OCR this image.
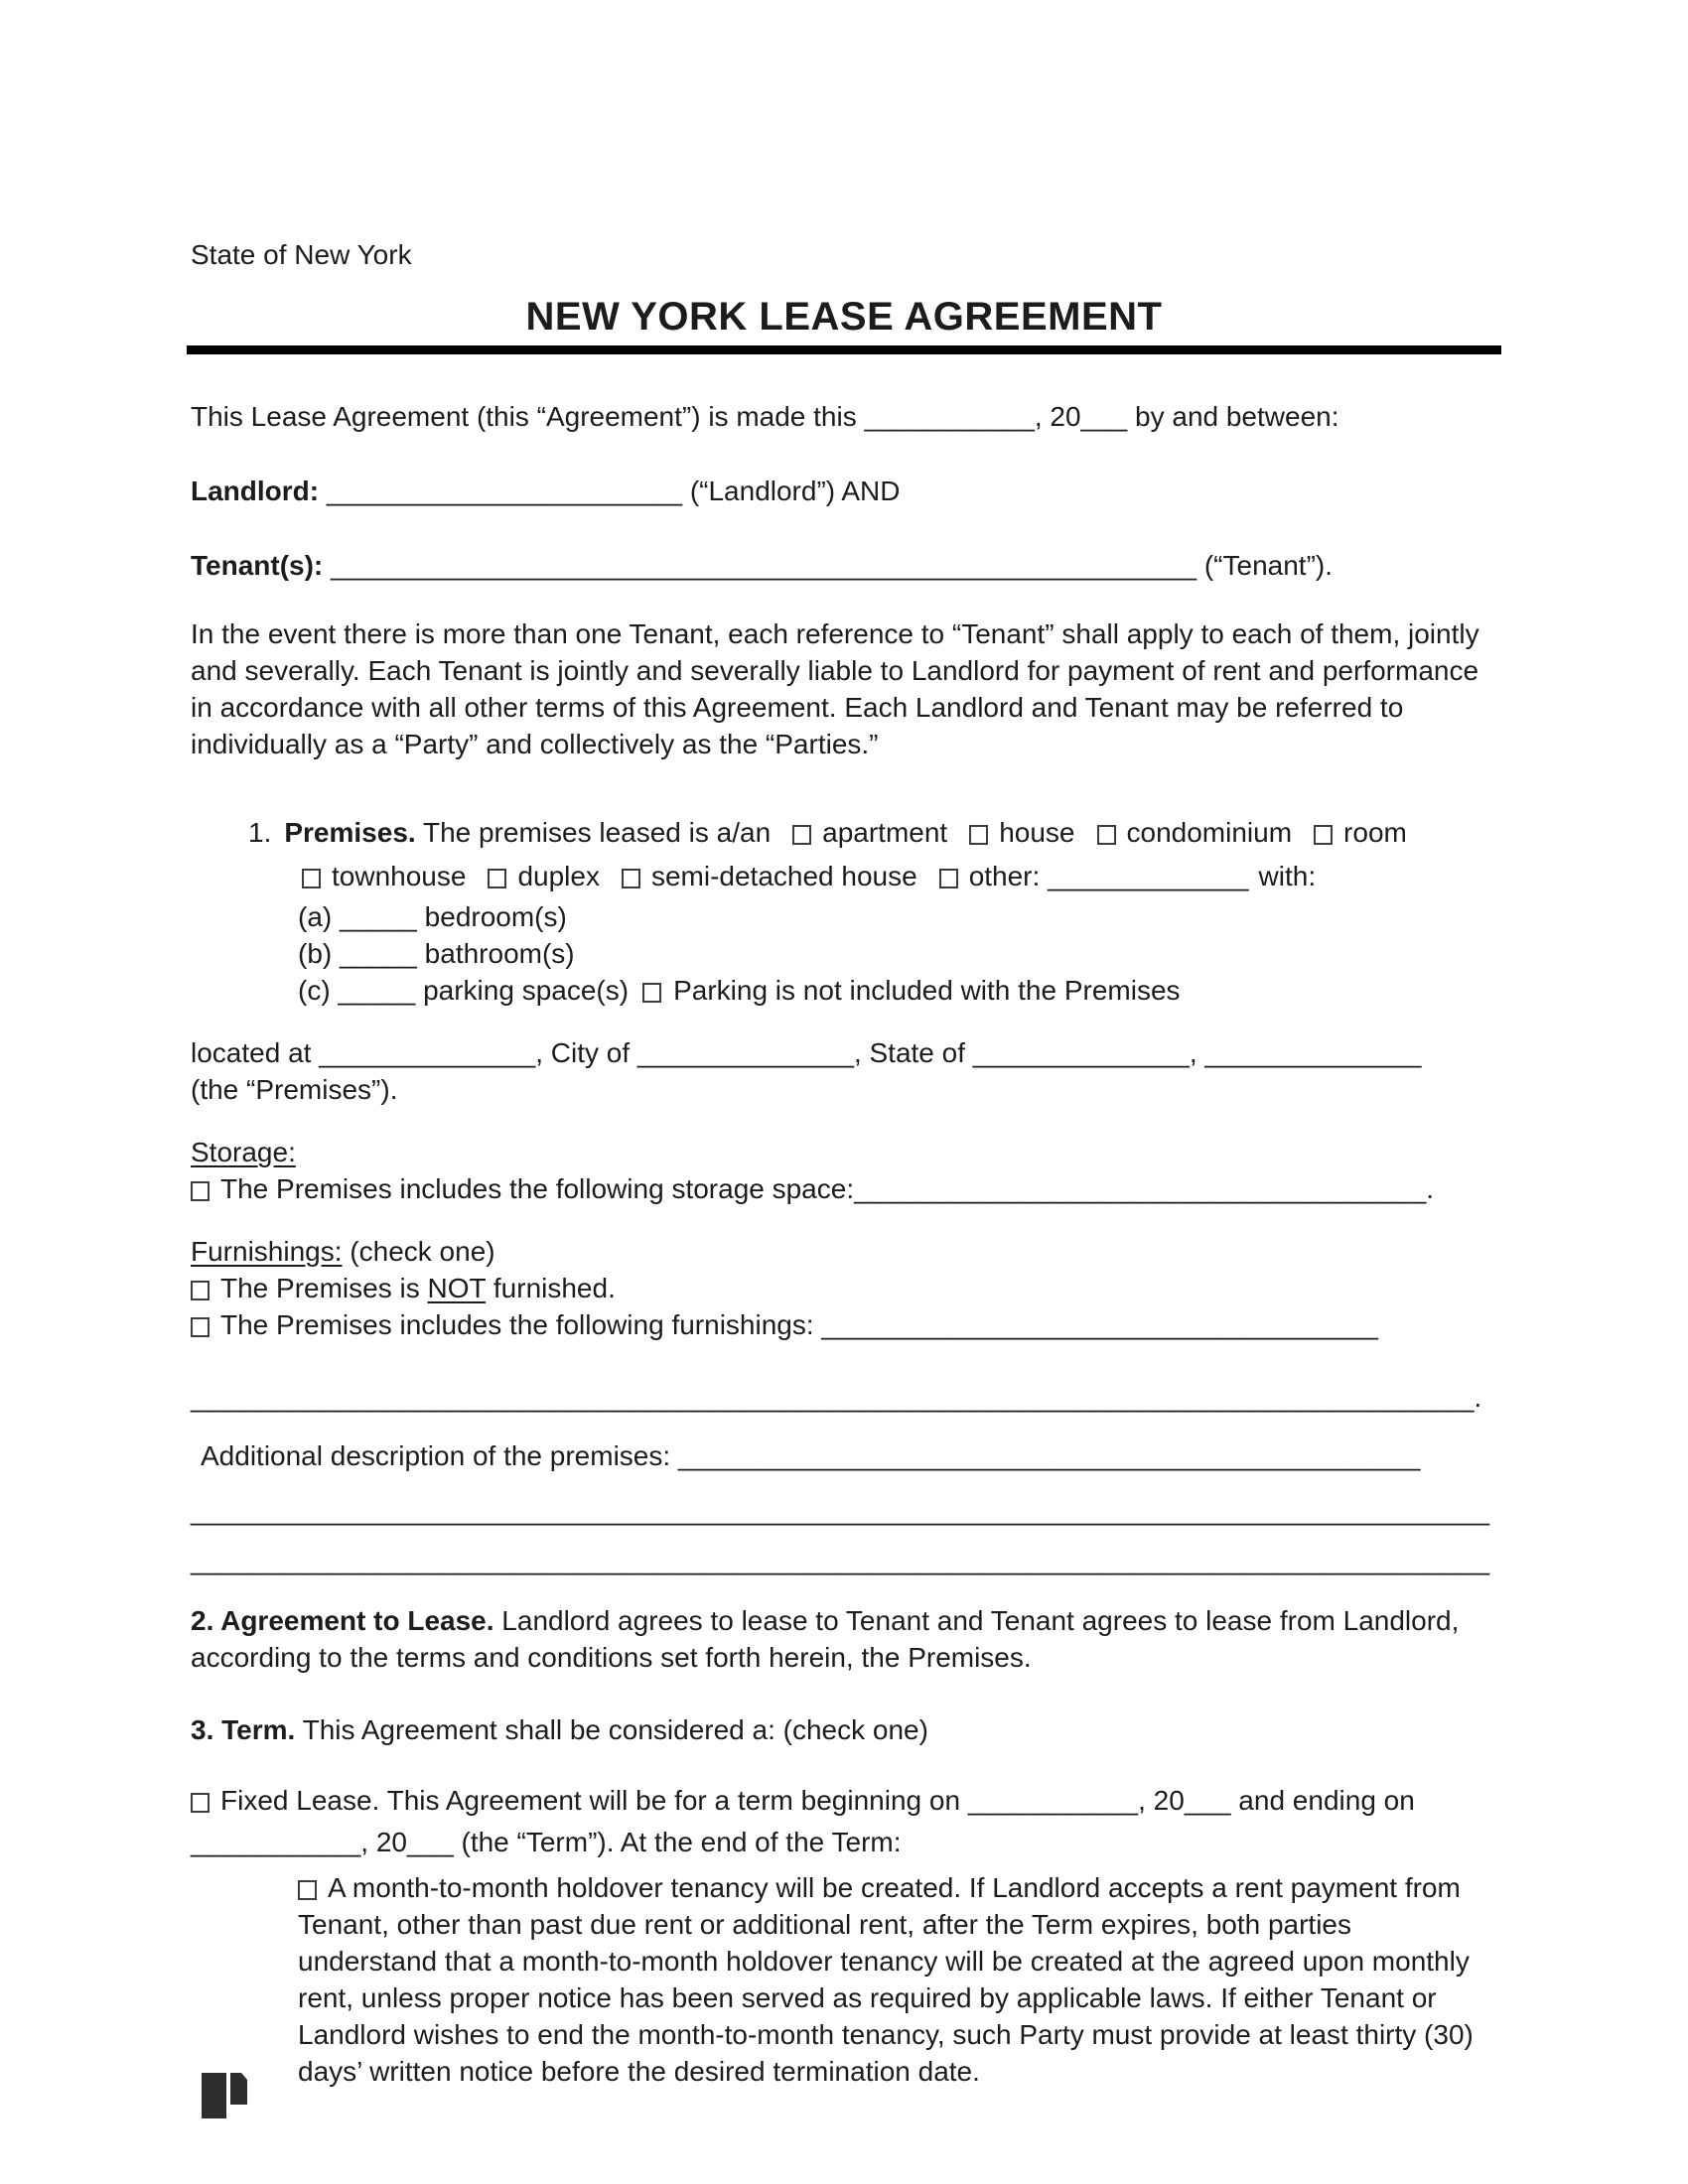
State of New York
NEW YORK LEASE AGREEMENT

This Lease Agreement (this “Agreement”) is made this ___________, 20___ by and between:

Landlord: _______________________ (“Landlord”) AND

Tenant(s): ________________________________________________________ (“Tenant”).

In the event there is more than one Tenant, each reference to “Tenant” shall apply to each of them, jointly and severally. Each Tenant is jointly and severally liable to Landlord for payment of rent and performance in accordance with all other terms of this Agreement. Each Landlord and Tenant may be referred to individually as a “Party” and collectively as the “Parties.”

1. Premises. The premises leased is a/an apartment house condominium room
townhouse duplex semi-detached house other: _____________ with:
(a) _____ bedroom(s)
(b) _____ bathroom(s)
(c) _____ parking space(s) Parking is not included with the Premises
located at ______________, City of ______________, State of ______________, ______________
(the “Premises”).
Storage:
The Premises includes the following storage space:_____________________________________.
Furnishings: (check one)
The Premises is NOT furnished.
The Premises includes the following furnishings: ____________________________________
___________________________________________________________________________________.
Additional description of the premises: ________________________________________________
____________________________________________________________________________________
____________________________________________________________________________________

2. Agreement to Lease. Landlord agrees to lease to Tenant and Tenant agrees to lease from Landlord, according to the terms and conditions set forth herein, the Premises.

3. Term. This Agreement shall be considered a: (check one)

Fixed Lease. This Agreement will be for a term beginning on ___________, 20___ and ending on ___________, 20___ (the “Term”). At the end of the Term:

A month-to-month holdover tenancy will be created. If Landlord accepts a rent payment from Tenant, other than past due rent or additional rent, after the Term expires, both parties understand that a month-to-month holdover tenancy will be created at the agreed upon monthly rent, unless proper notice has been served as required by applicable laws. If either Tenant or Landlord wishes to end the month-to-month tenancy, such Party must provide at least thirty (30) days’ written notice before the desired termination date.
